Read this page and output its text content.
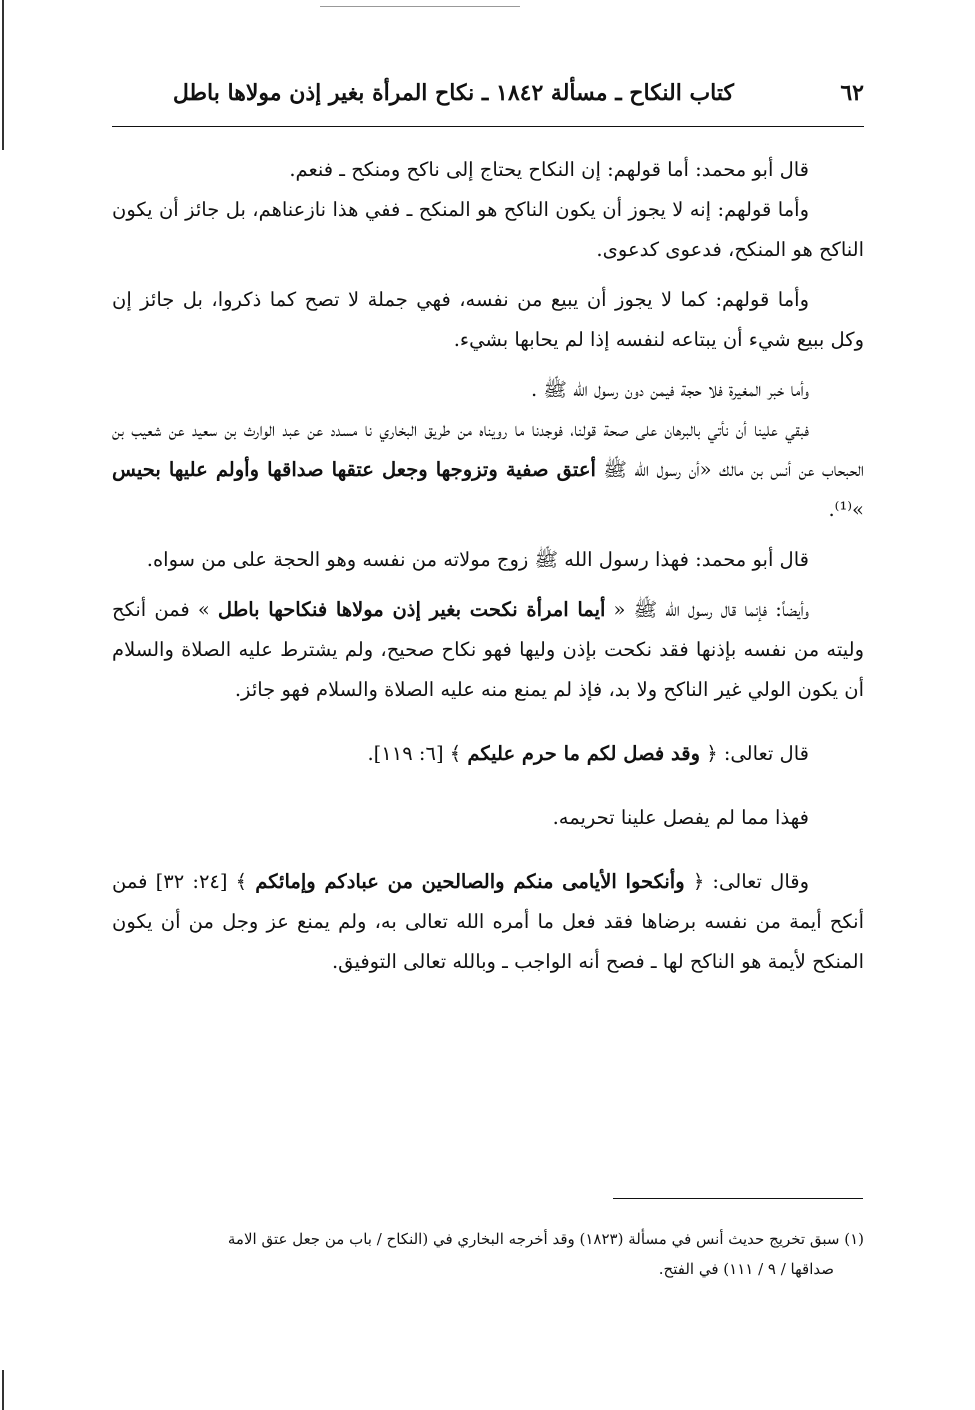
٦٢
كتاب النكاح ـ مسألة ١٨٤٢ ـ نكاح المرأة بغير إذن مولاها باطل

قال أبو محمد: أما قولهم: إن النكاح يحتاج إلى ناكح ومنكح ـ فنعم.

وأما قولهم: إنه لا يجوز أن يكون الناكح هو المنكح ـ ففي هذا نازعناهم، بل جائز أن يكون الناكح هو المنكح، فدعوى كدعوى.

وأما قولهم: كما لا يجوز أن يبيع من نفسه، فهي جملة لا تصح كما ذكروا، بل جائز إن وكل ببيع شيء أن يبتاعه لنفسه إذا لم يحابها بشيء.

وأما خبر المغيرة فلا حجة فيمن دون رسول الله ﷺ .

فبقي علينا أن نأتي بالبرهان على صحة قولنا، فوجدنا ما رويناه من طريق البخاري نا مسدد عن عبد الوارث بن سعيد عن شعيب بن الحبحاب عن أنس بن مالك «أن رسول الله ﷺ أعتق صفية وتزوجها وجعل عتقها صداقها وأولم عليها بحيس »⁽¹⁾.

قال أبو محمد: فهذا رسول الله ﷺ زوج مولاته من نفسه وهو الحجة على من سواه.

وأيضاً: فإنما قال رسول الله ﷺ « أيما امرأة نكحت بغير إذن مولاها فنكاحها باطل » فمن أنكح وليته من نفسه بإذنها فقد نكحت بإذن وليها فهو نكاح صحيح، ولم يشترط عليه الصلاة والسلام أن يكون الولي غير الناكح ولا بد، فإذ لم يمنع منه عليه الصلاة والسلام فهو جائز.

قال تعالى: ﴿ وقد فصل لكم ما حرم عليكم ﴾ [٦: ١١٩].

فهذا مما لم يفصل علينا تحريمه.

وقال تعالى: ﴿ وأنكحوا الأيامى منكم والصالحين من عبادكم وإمائكم ﴾ [٢٤: ٣٢] فمن أنكح أيمة من نفسه برضاها فقد فعل ما أمره الله تعالى به، ولم يمنع عز وجل من أن يكون المنكح لأيمة هو الناكح لها ـ فصح أنه الواجب ـ وبالله تعالى التوفيق.

(١) سبق تخريج حديث أنس في مسألة (١٨٢٣) وقد أخرجه البخاري في (النكاح / باب من جعل عتق الامة
صداقها / ٩ / ١١١) في الفتح.
